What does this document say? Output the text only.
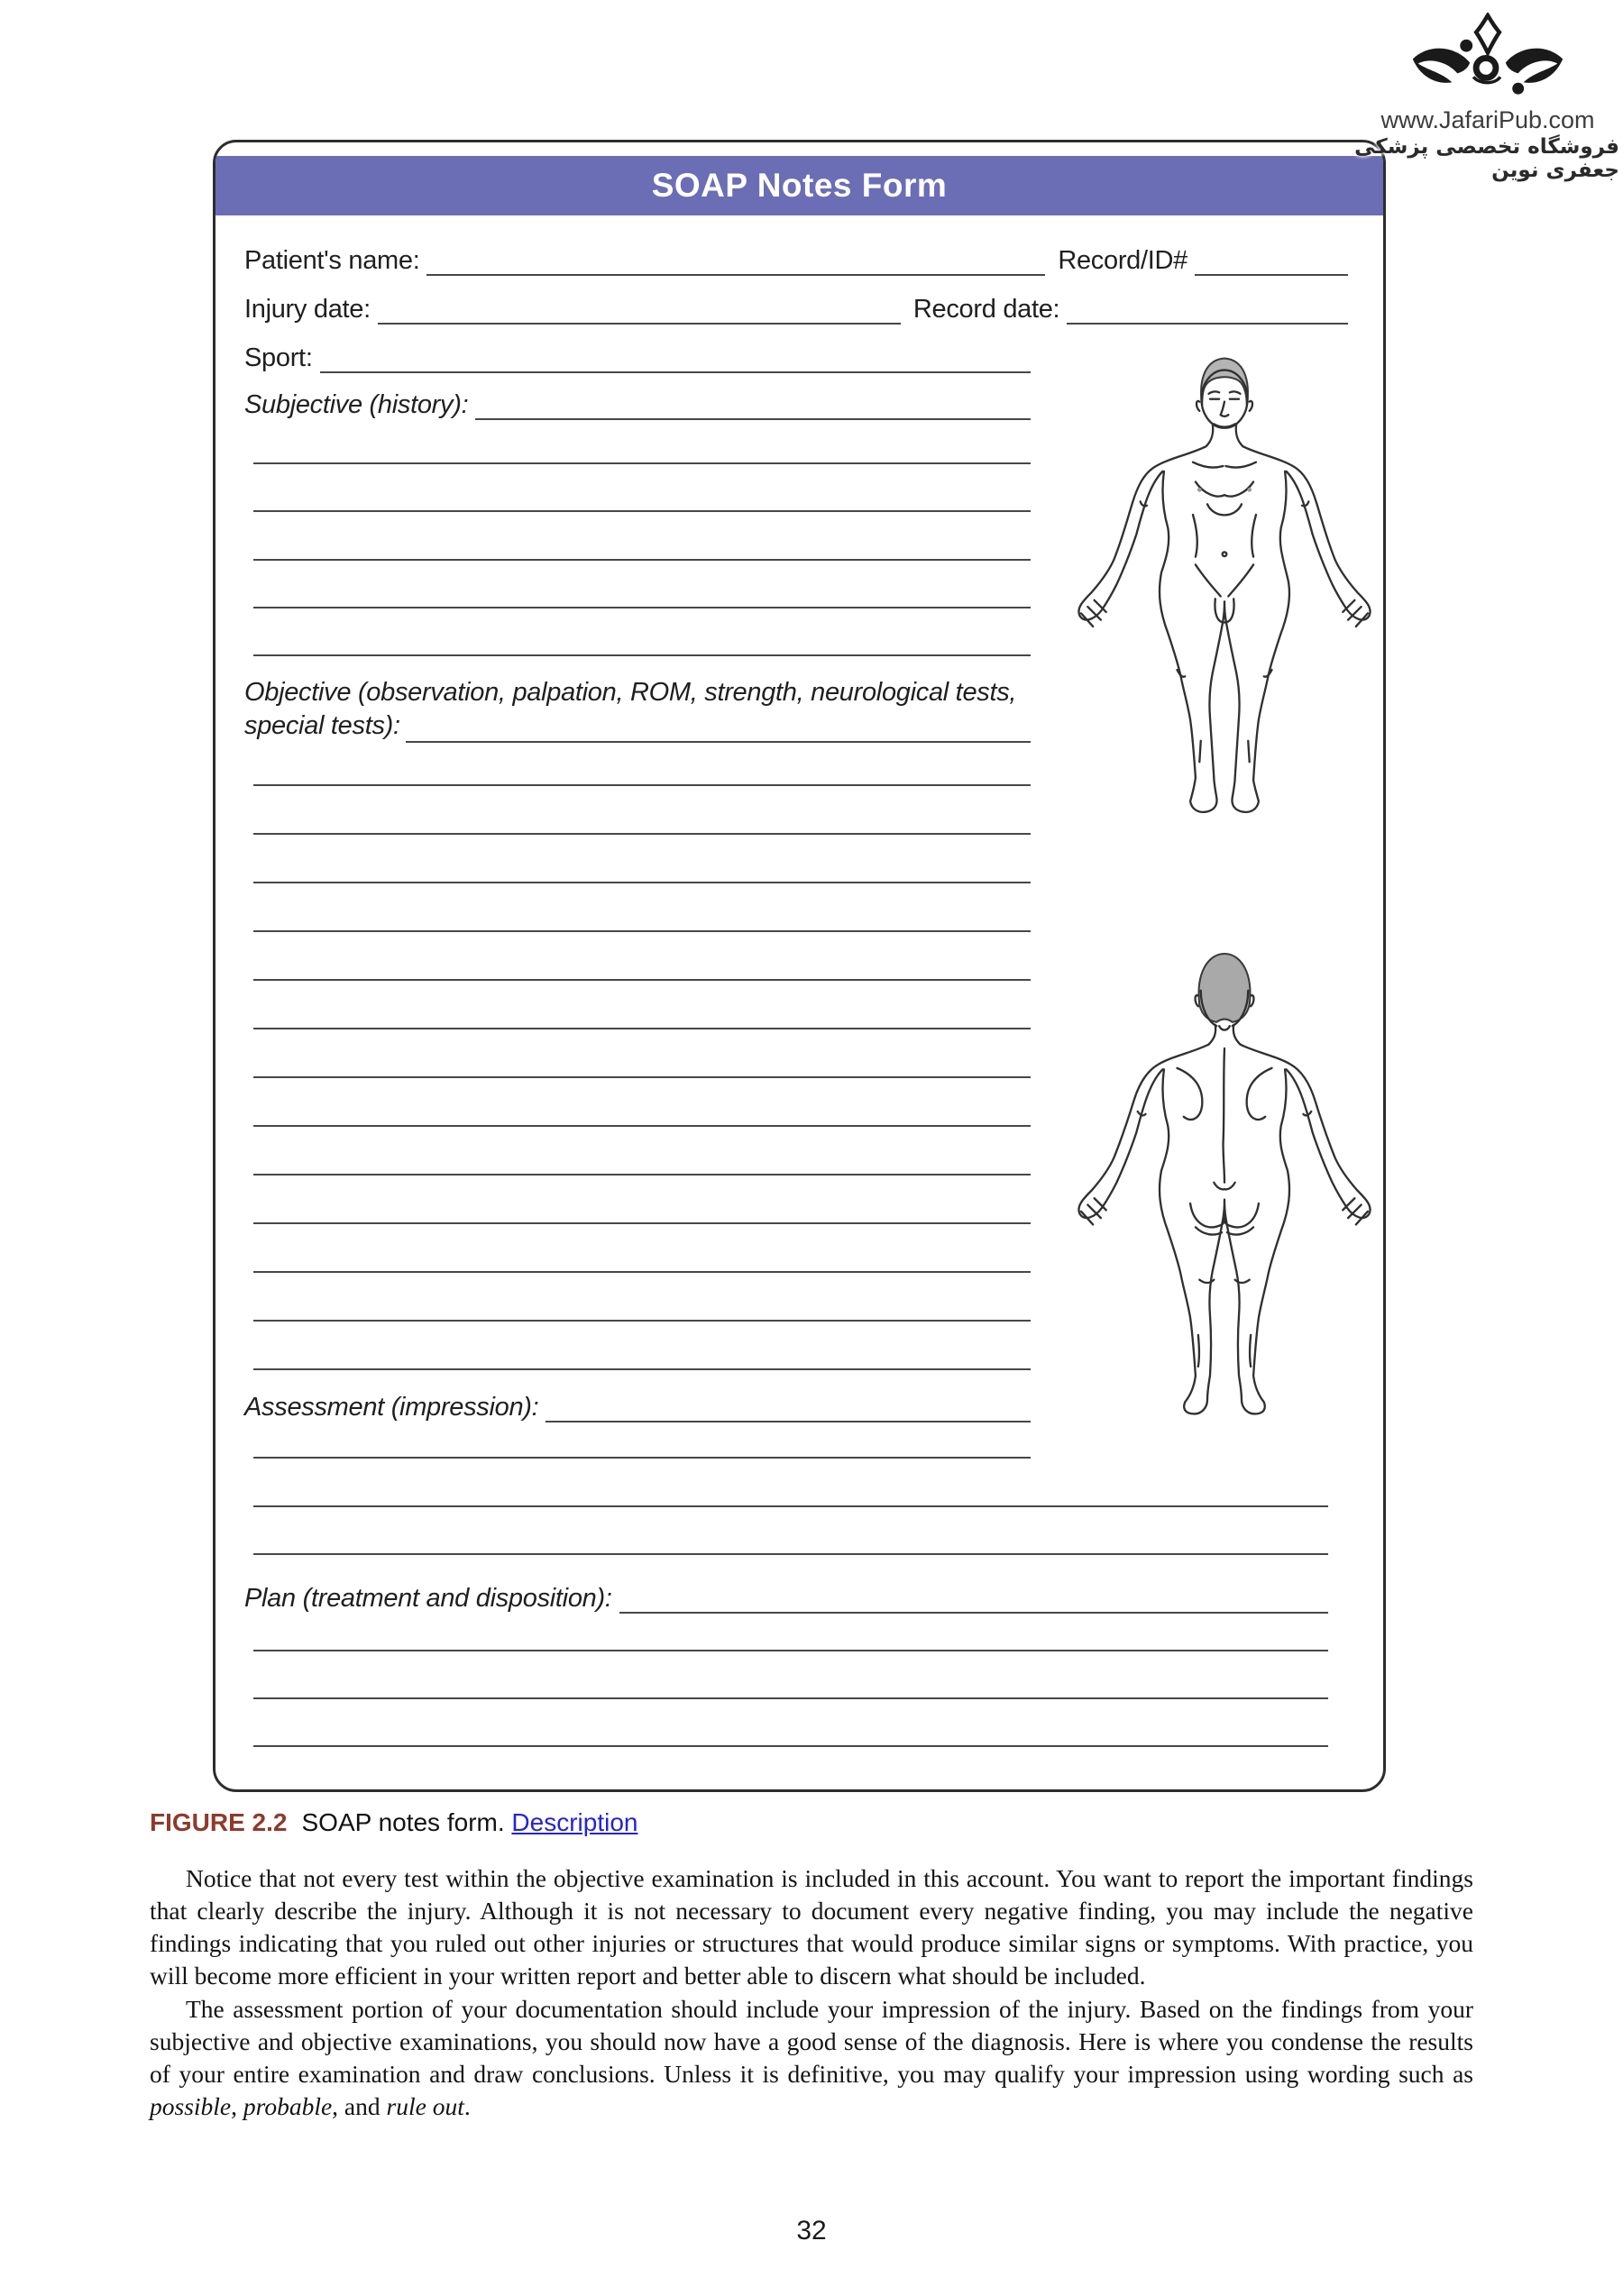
www.JafariPub.com
فروشگاه تخصصی پزشکی جعفری نوین
SOAP Notes Form
Patient's name:	Record/ID#
Injury date:	Record date:
Sport:
Subjective (history):
Objective (observation, palpation, ROM, strength, neurological tests,
special tests):
Assessment (impression):
Plan (treatment and disposition):
FIGURE 2.2 SOAP notes form. Description

Notice that not every test within the objective examination is included in this account. You want to report the important findings that clearly describe the injury. Although it is not necessary to document every negative finding, you may include the negative findings indicating that you ruled out other injuries or structures that would produce similar signs or symptoms. With practice, you will become more efficient in your written report and better able to discern what should be included.

The assessment portion of your documentation should include your impression of the injury. Based on the findings from your subjective and objective examinations, you should now have a good sense of the diagnosis. Here is where you condense the results of your entire examination and draw conclusions. Unless it is definitive, you may qualify your impression using wording such as possible, probable, and rule out.

32
